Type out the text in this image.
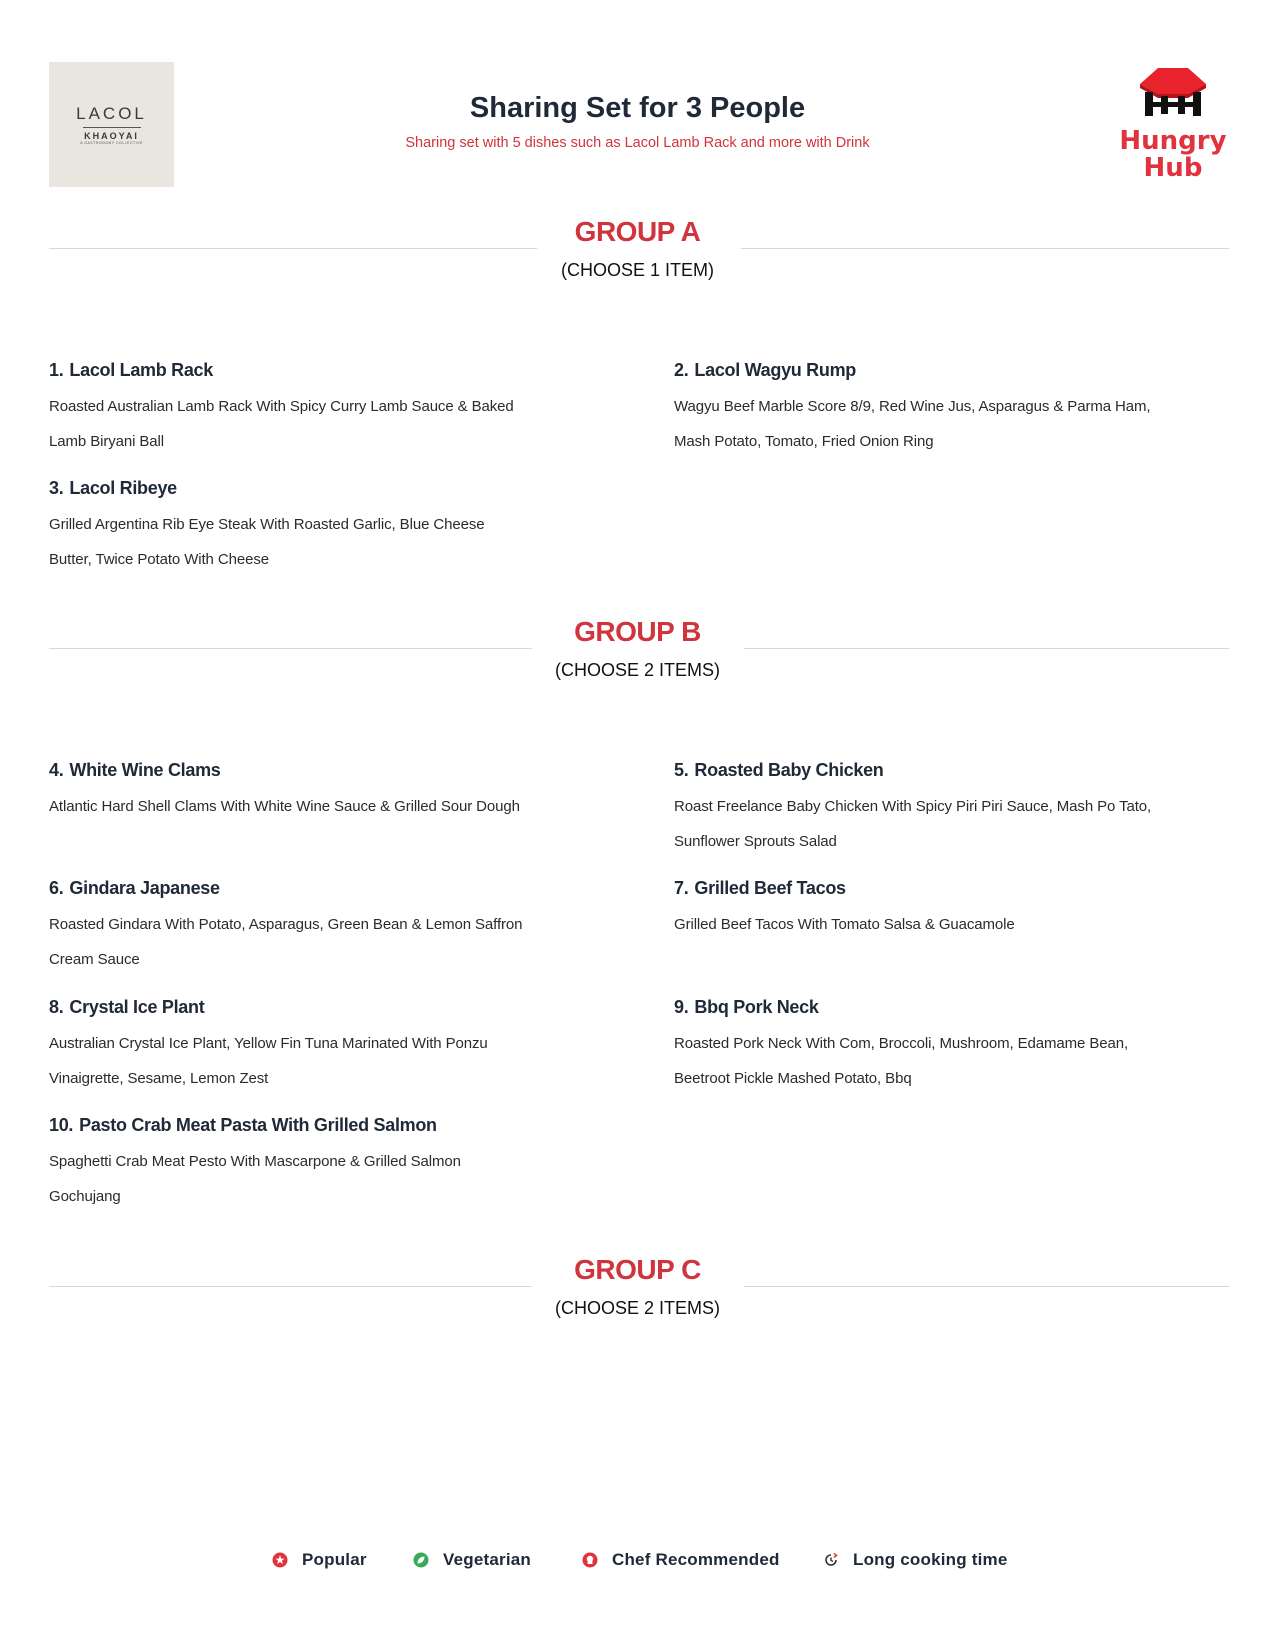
LACOL
KHAOYAI
A GASTRONOMY COLLECTIVE
Sharing Set for 3 People
Sharing set with 5 dishes such as Lacol Lamb Rack and more with Drink	Hungry
Hub
GROUP A
(CHOOSE 1 ITEM)
1. Lacol Lamb Rack
Roasted Australian Lamb Rack With Spicy Curry Lamb Sauce & Baked Lamb Biryani Ball
2. Lacol Wagyu Rump
Wagyu Beef Marble Score 8/9, Red Wine Jus, Asparagus & Parma Ham, Mash Potato, Tomato, Fried Onion Ring
3. Lacol Ribeye
Grilled Argentina Rib Eye Steak With Roasted Garlic, Blue Cheese Butter, Twice Potato With Cheese
GROUP B
(CHOOSE 2 ITEMS)
4. White Wine Clams
Atlantic Hard Shell Clams With White Wine Sauce & Grilled Sour Dough
5. Roasted Baby Chicken
Roast Freelance Baby Chicken With Spicy Piri Piri Sauce, Mash Po Tato, Sunflower Sprouts Salad
6. Gindara Japanese
Roasted Gindara With Potato, Asparagus, Green Bean & Lemon Saffron Cream Sauce
7. Grilled Beef Tacos
Grilled Beef Tacos With Tomato Salsa & Guacamole
8. Crystal Ice Plant
Australian Crystal Ice Plant, Yellow Fin Tuna Marinated With Ponzu Vinaigrette, Sesame, Lemon Zest
9. Bbq Pork Neck
Roasted Pork Neck With Com, Broccoli, Mushroom, Edamame Bean, Beetroot Pickle Mashed Potato, Bbq
10. Pasto Crab Meat Pasta With Grilled Salmon
Spaghetti Crab Meat Pesto With Mascarpone & Grilled Salmon Gochujang
GROUP C
(CHOOSE 2 ITEMS)
Popular	Vegetarian	Chef Recommended	Long cooking time
